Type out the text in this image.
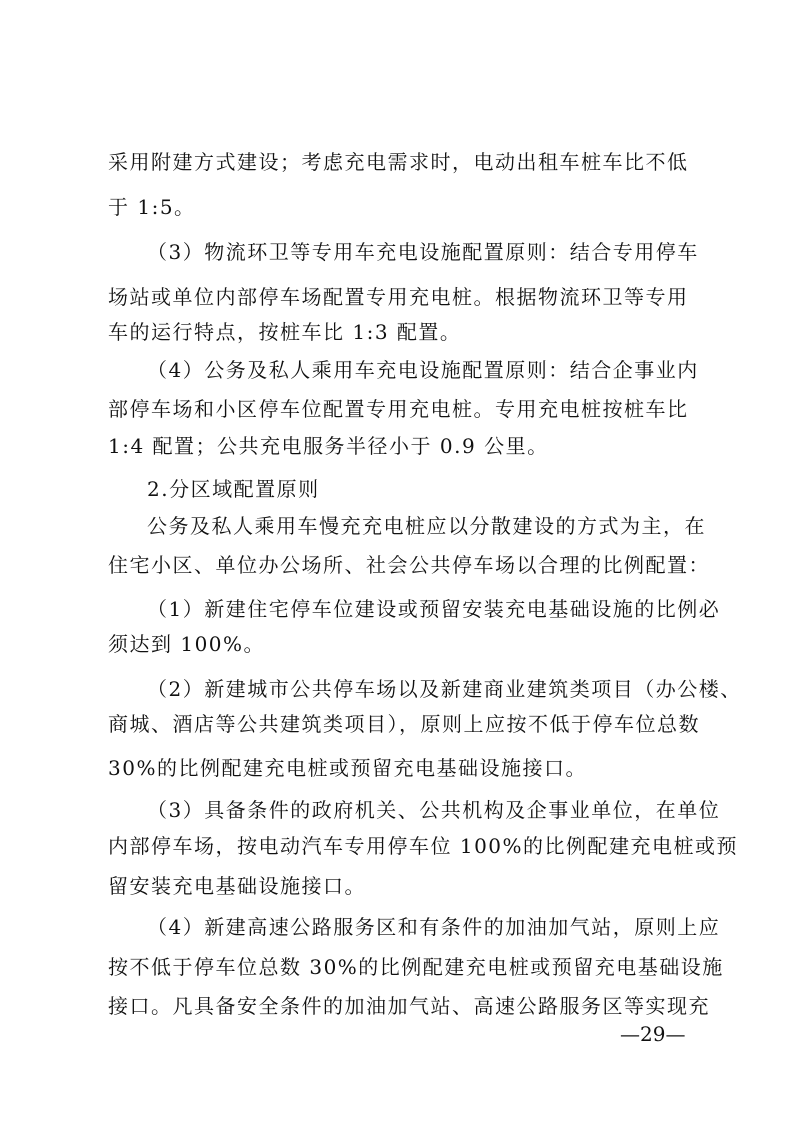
采用附建方式建设；考虑充电需求时，电动出租车桩车比不低
于 1:5。
（3）物流环卫等专用车充电设施配置原则：结合专用停车
场站或单位内部停车场配置专用充电桩。根据物流环卫等专用
车的运行特点，按桩车比 1:3 配置。
（4）公务及私人乘用车充电设施配置原则：结合企事业内
部停车场和小区停车位配置专用充电桩。专用充电桩按桩车比
1:4 配置；公共充电服务半径小于 0.9 公里。
2.分区域配置原则
公务及私人乘用车慢充充电桩应以分散建设的方式为主，在
住宅小区、单位办公场所、社会公共停车场以合理的比例配置：
（1）新建住宅停车位建设或预留安装充电基础设施的比例必
须达到 100%。
（2）新建城市公共停车场以及新建商业建筑类项目（办公楼、
商城、酒店等公共建筑类项目），原则上应按不低于停车位总数
30%的比例配建充电桩或预留充电基础设施接口。
（3）具备条件的政府机关、公共机构及企事业单位，在单位
内部停车场，按电动汽车专用停车位 100%的比例配建充电桩或预
留安装充电基础设施接口。
（4）新建高速公路服务区和有条件的加油加气站，原则上应
按不低于停车位总数 30%的比例配建充电桩或预留充电基础设施
接口。凡具备安全条件的加油加气站、高速公路服务区等实现充
—29—
